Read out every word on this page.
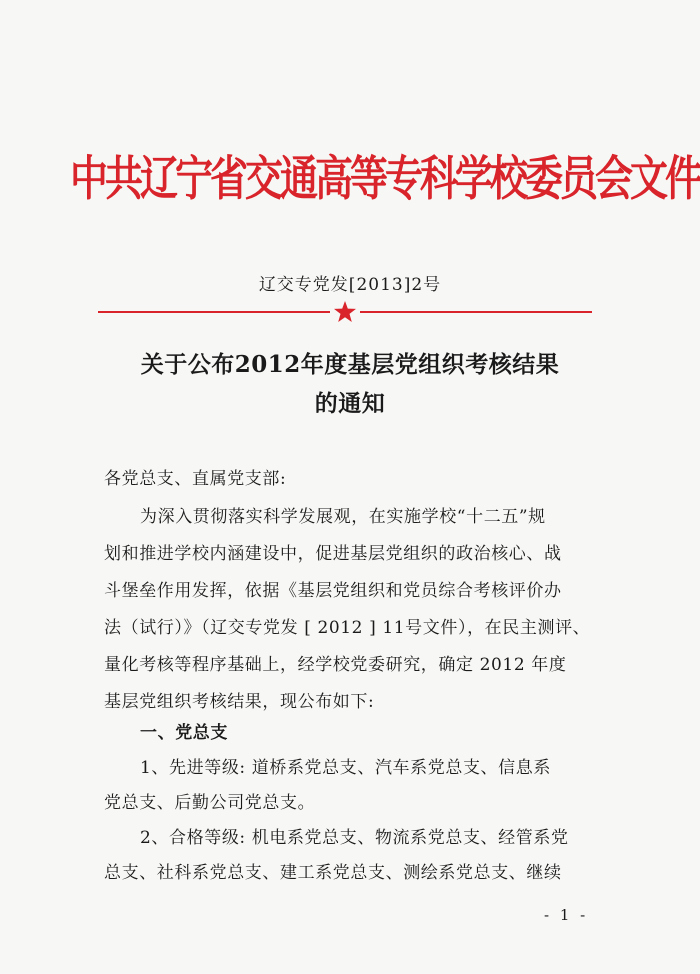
中共辽宁省交通高等专科学校委员会文件
辽交专党发[2013]2号
关于公布2012年度基层党组织考核结果
的通知
各党总支、直属党支部:
为深入贯彻落实科学发展观，在实施学校“十二五”规
划和推进学校内涵建设中，促进基层党组织的政治核心、战
斗堡垒作用发挥，依据《基层党组织和党员综合考核评价办
法（试行）》（辽交专党发 [ 2012 ] 11号文件），在民主测评、
量化考核等程序基础上，经学校党委研究，确定 2012 年度
基层党组织考核结果，现公布如下:
一、党总支
1、先进等级: 道桥系党总支、汽车系党总支、信息系
党总支、后勤公司党总支。
2、合格等级: 机电系党总支、物流系党总支、经管系党
总支、社科系党总支、建工系党总支、测绘系党总支、继续
- 1 -
